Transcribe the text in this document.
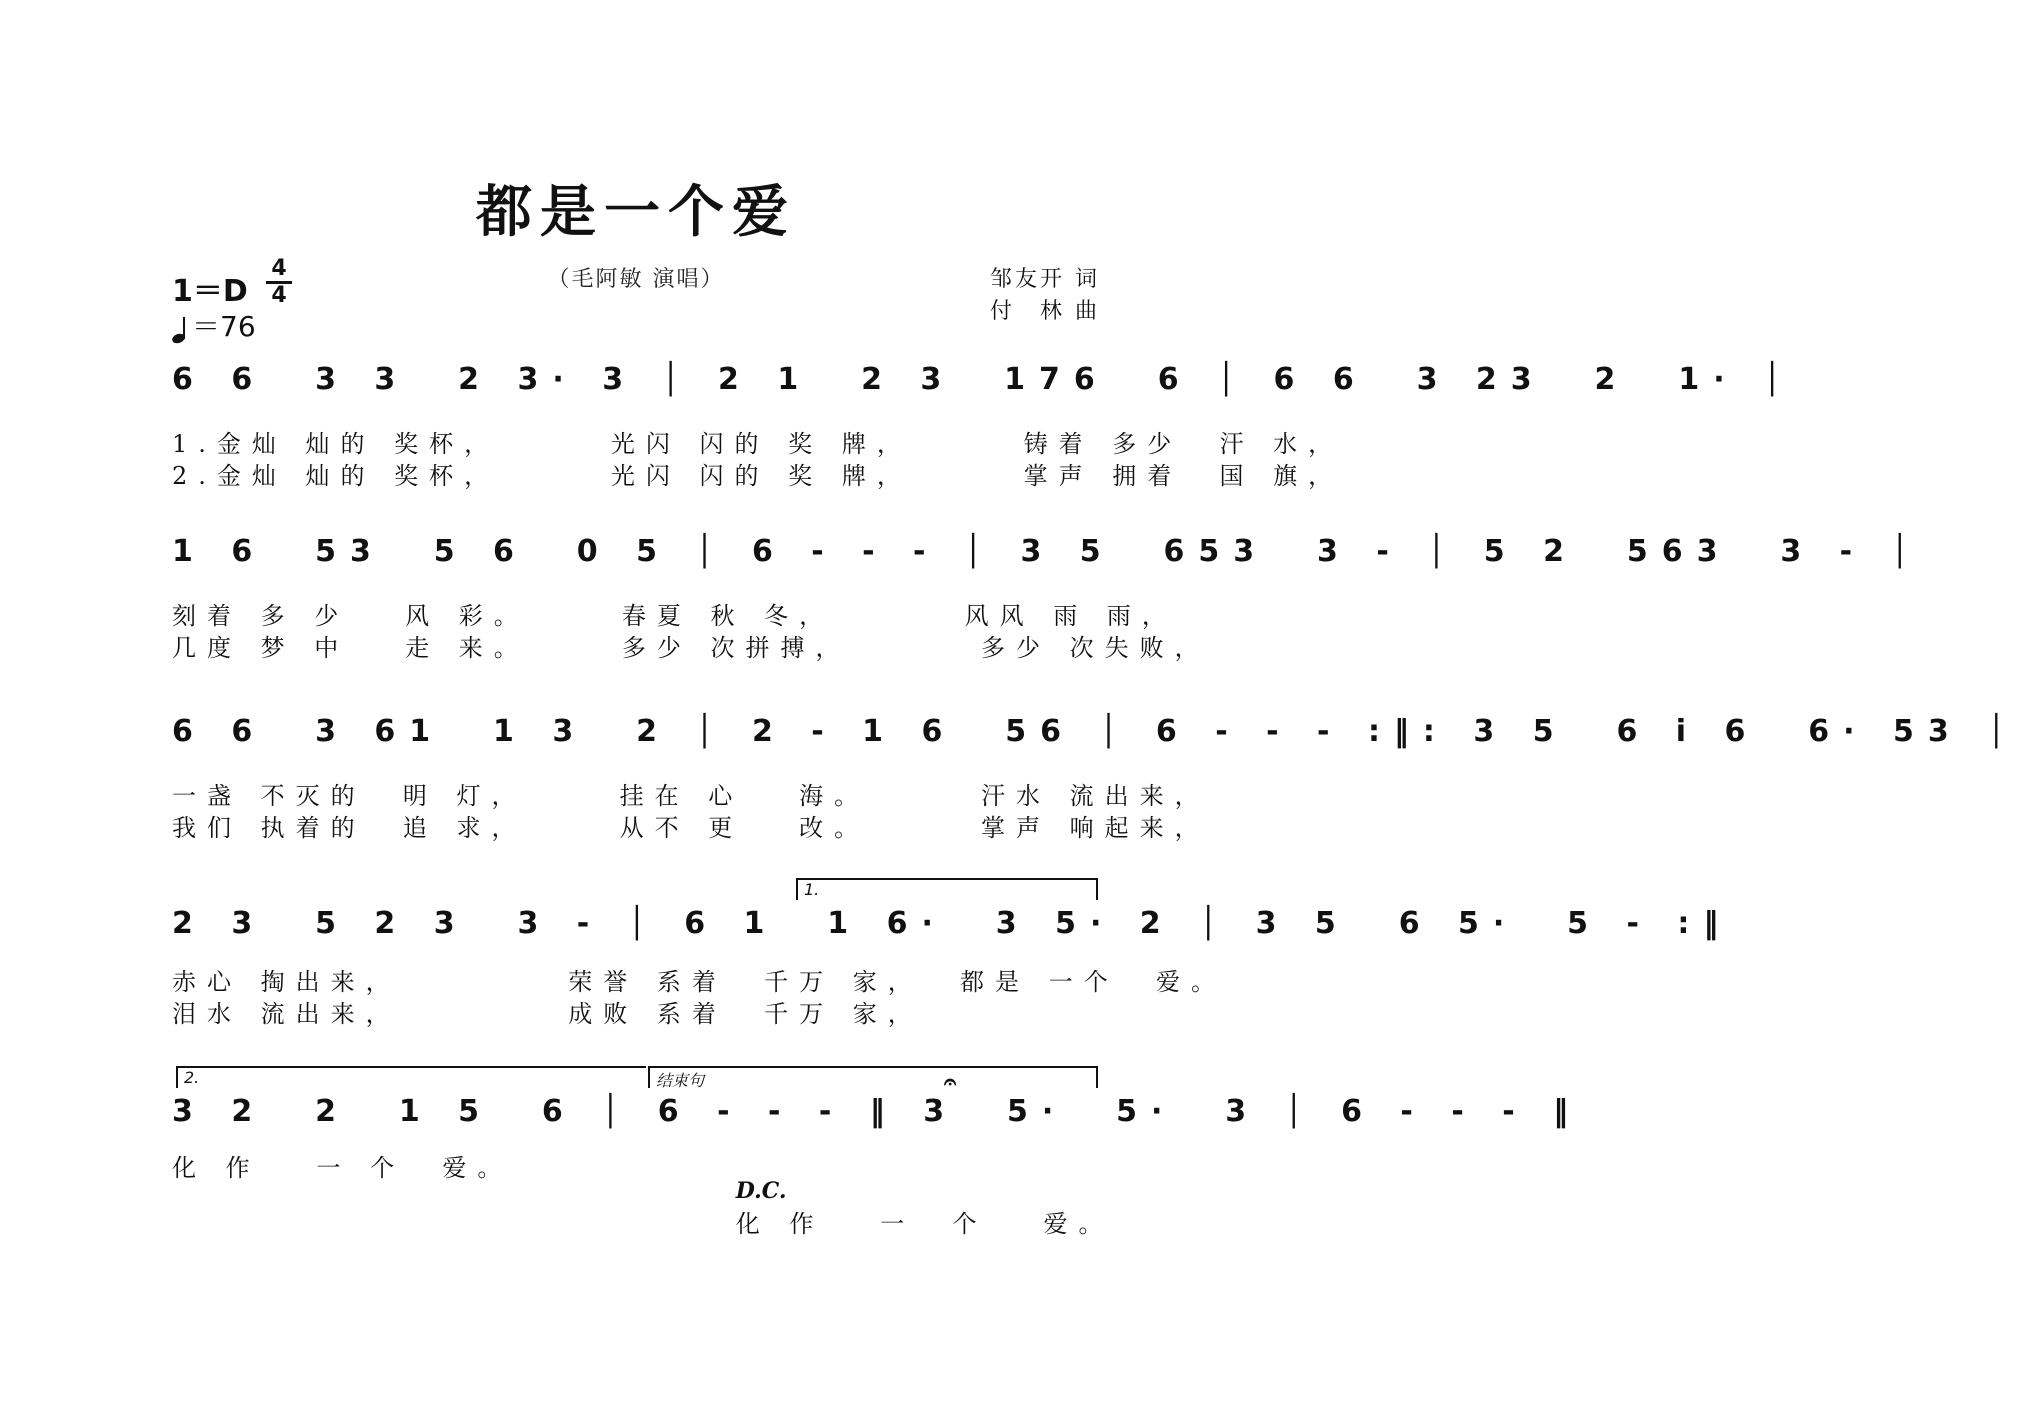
都是一个爱
（毛阿敏 演唱）
1＝D
4
4
＝76
邹友开 词
付　林 曲
6 6  3 3  2 3· 3 │ 2 1  2 3  176  6 │ 6 6  3 23  2  1· │
1.金灿 灿的 奖杯，      光闪 闪的 奖 牌，      铸着 多少  汗 水，
2.金灿 灿的 奖杯，      光闪 闪的 奖 牌，      掌声 拥着  国 旗，
1 6  53  5 6  0 5 │ 6 - - - │ 3 5  653  3 - │ 5 2  563  3 - │
刻着 多 少   风 彩。     春夏 秋 冬，       风风 雨 雨，
几度 梦 中   走 来。     多少 次拼搏，       多少 次失败，
6 6  3 61  1 3  2 │ 2 - 1 6  56 │ 6 - - - :‖: 3 5  6 i 6  6· 53 │
一盏 不灭的  明 灯，     挂在 心   海。      汗水 流出来，
我们 执着的  追 求，     从不 更   改。      掌声 响起来，
1.
2 3  5 2 3  3 - │ 6 1  1 6·  3 5· 2 │ 3 5  6 5·  5 - :‖
赤心 掏出来，         荣誉 系着  千万 家，  都是 一个  爱。
泪水 流出来，         成败 系着  千万 家，
2.	结束句	𝄐
3 2  2  1 5  6 │ 6 - - - ‖ 3  5·  5·  3 │ 6 - - - ‖
化 作   一 个  爱。

D.C.
化 作   一  个   爱。
